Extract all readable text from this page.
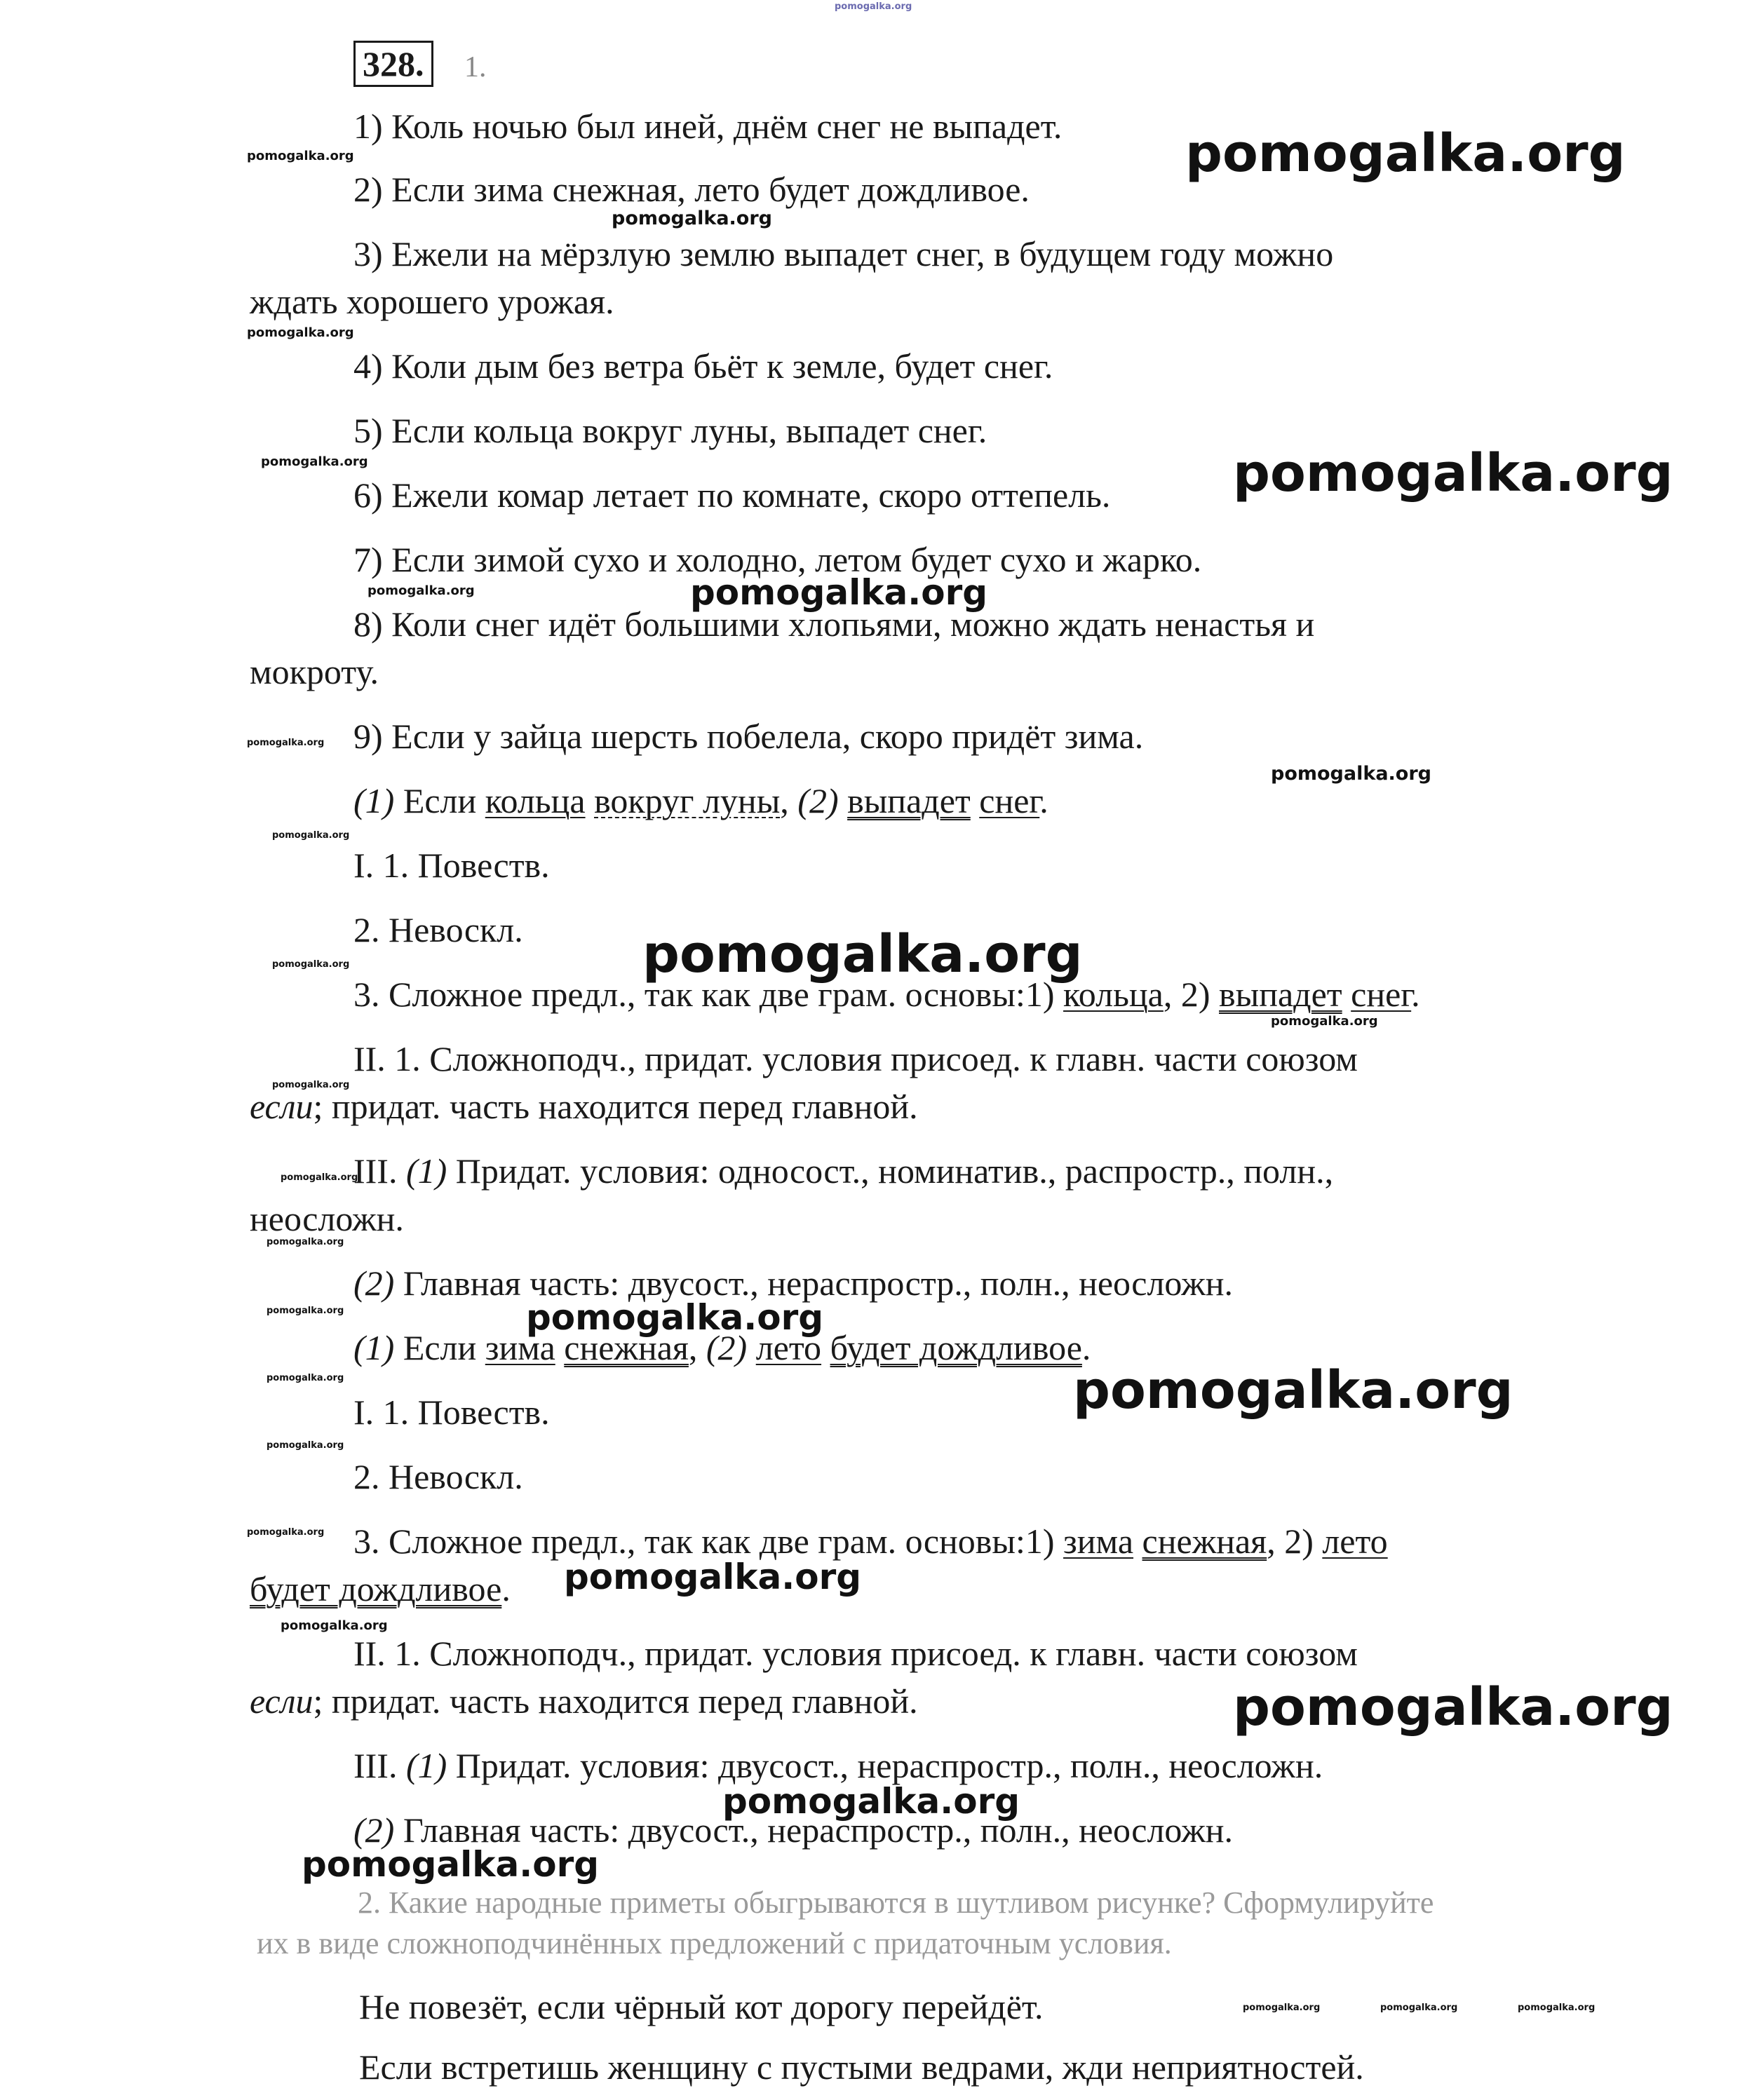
pomogalka.org
328.	1.
1) Коль ночью был иней, днём снег не выпадет.
2) Если зима снежная, лето будет дождливое.
3) Ежели на мёрзлую землю выпадет снег, в будущем году можно
ждать хорошего урожая.
4) Коли дым без ветра бьёт к земле, будет снег.
5) Если кольца вокруг луны, выпадет снег.
6) Ежели комар летает по комнате, скоро оттепель.
7) Если зимой сухо и холодно, летом будет сухо и жарко.
8) Коли снег идёт большими хлопьями, можно ждать ненастья и
мокроту.
9) Если у зайца шерсть побелела, скоро придёт зима.
(1) Если кольца вокруг луны, (2) выпадет снег.
I. 1. Повеств.
2. Невоскл.
3. Сложное предл., так как две грам. основы:1) кольца, 2) выпадет снег.
II. 1. Сложноподч., придат. условия присоед. к главн. части союзом
если; придат. часть находится перед главной.
III. (1) Придат. условия: односост., номинатив., распростр., полн.,
неосложн.
(2) Главная часть: двусост., нераспростр., полн., неосложн.
(1) Если зима снежная, (2) лето будет дождливое.
I. 1. Повеств.
2. Невоскл.
3. Сложное предл., так как две грам. основы:1) зима снежная, 2) лето
будет дождливое.
II. 1. Сложноподч., придат. условия присоед. к главн. части союзом
если; придат. часть находится перед главной.
III. (1) Придат. условия: двусост., нераспростр., полн., неосложн.
(2) Главная часть: двусост., нераспростр., полн., неосложн.
2. Какие народные приметы обыгрываются в шутливом рисунке? Сформулируйте
их в виде сложноподчинённых предложений с придаточным условия.
Не повезёт, если чёрный кот дорогу перейдёт.
Если встретишь женщину с пустыми ведрами, жди неприятностей.
pomogalka.org
pomogalka.org
pomogalka.org
pomogalka.org
pomogalka.org
pomogalka.org
pomogalka.org	pomogalka.org
pomogalka.org
pomogalka.org
pomogalka.org
pomogalka.org
pomogalka.org
pomogalka.org
pomogalka.org
pomogalka.org
pomogalka.org
pomogalka.org	pomogalka.org
pomogalka.org	pomogalka.org
pomogalka.org
pomogalka.org
pomogalka.org
pomogalka.org
pomogalka.org
pomogalka.org
pomogalka.org
pomogalka.org	pomogalka.org	pomogalka.org
